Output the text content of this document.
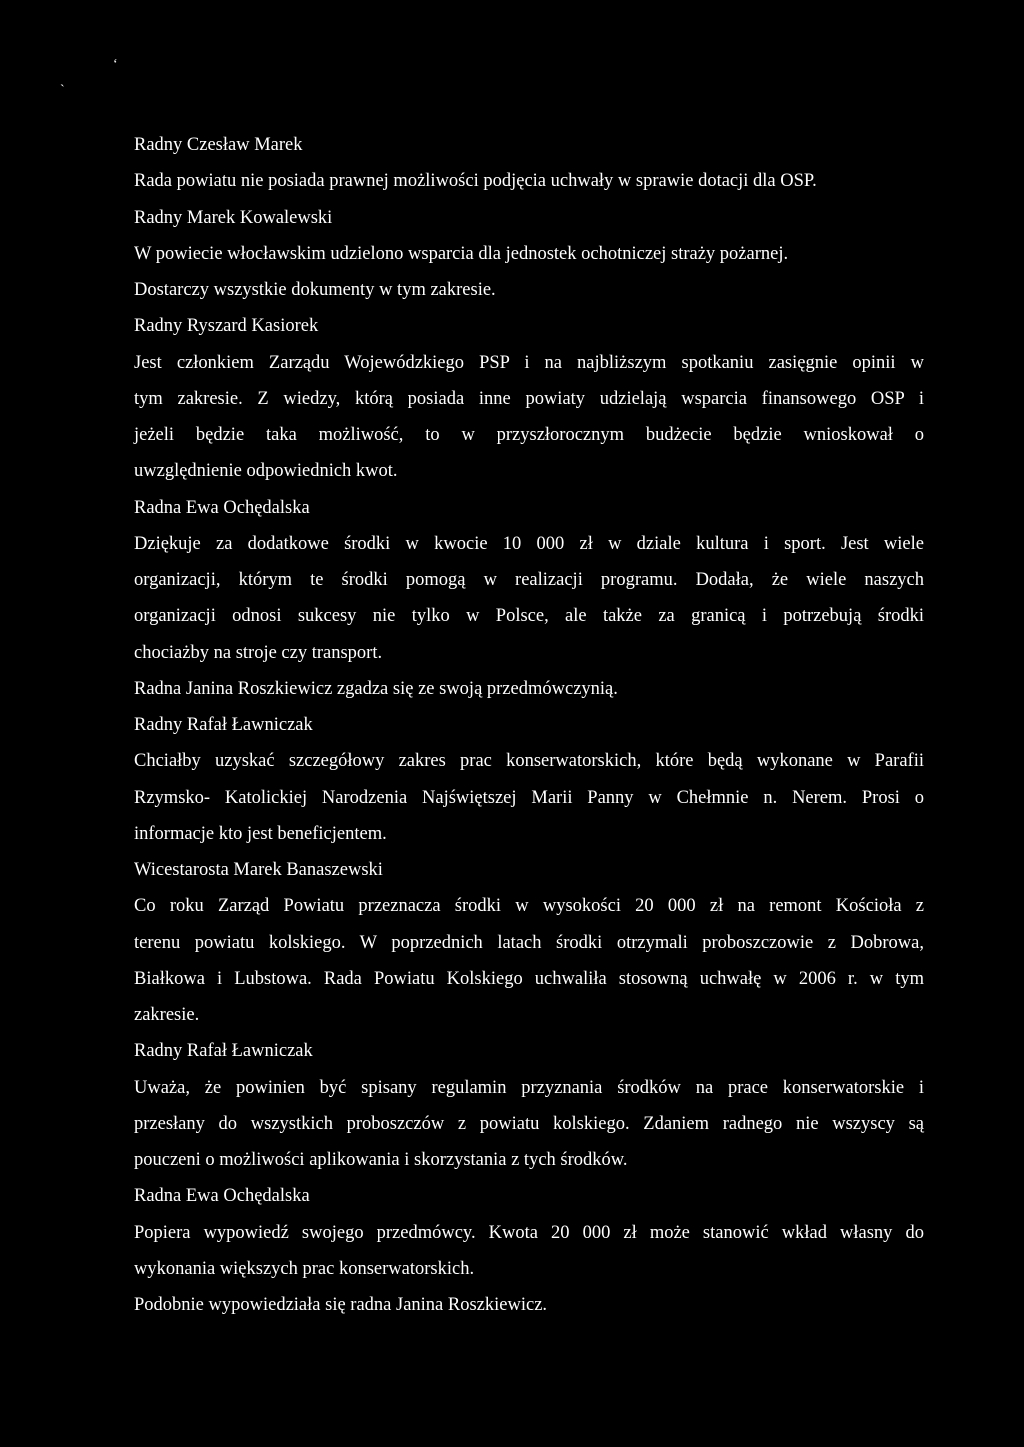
‘
`
Radny Czesław Marek
Rada powiatu nie posiada prawnej możliwości podjęcia uchwały w sprawie dotacji dla OSP.
Radny Marek Kowalewski
W powiecie włocławskim udzielono wsparcia dla jednostek ochotniczej straży pożarnej.
Dostarczy wszystkie dokumenty w tym zakresie.
Radny Ryszard Kasiorek
Jest członkiem Zarządu Wojewódzkiego PSP i na najbliższym spotkaniu zasięgnie opinii w
tym zakresie. Z wiedzy, którą posiada inne powiaty udzielają wsparcia finansowego OSP i
jeżeli będzie taka możliwość, to w przyszłorocznym budżecie będzie wnioskował o
uwzględnienie odpowiednich kwot.
Radna Ewa Ochędalska
Dziękuje za dodatkowe środki w kwocie 10 000 zł w dziale kultura i sport. Jest wiele
organizacji, którym te środki pomogą w realizacji programu. Dodała, że wiele naszych
organizacji odnosi sukcesy nie tylko w Polsce, ale także za granicą i potrzebują środki
chociażby na stroje czy transport.
Radna Janina Roszkiewicz zgadza się ze swoją przedmówczynią.
Radny Rafał Ławniczak
Chciałby uzyskać szczegółowy zakres prac konserwatorskich, które będą wykonane w Parafii
Rzymsko- Katolickiej Narodzenia Najświętszej Marii Panny w Chełmnie n. Nerem. Prosi o
informacje kto jest beneficjentem.
Wicestarosta Marek Banaszewski
Co roku Zarząd Powiatu przeznacza środki w wysokości 20 000 zł na remont Kościoła z
terenu powiatu kolskiego. W poprzednich latach środki otrzymali proboszczowie z Dobrowa,
Białkowa i Lubstowa. Rada Powiatu Kolskiego uchwaliła stosowną uchwałę w 2006 r. w tym
zakresie.
Radny Rafał Ławniczak
Uważa, że powinien być spisany regulamin przyznania środków na prace konserwatorskie i
przesłany do wszystkich proboszczów z powiatu kolskiego. Zdaniem radnego nie wszyscy są
pouczeni o możliwości aplikowania i skorzystania z tych środków.
Radna Ewa Ochędalska
Popiera wypowiedź swojego przedmówcy. Kwota 20 000 zł może stanowić wkład własny do
wykonania większych prac konserwatorskich.
Podobnie wypowiedziała się radna Janina Roszkiewicz.
